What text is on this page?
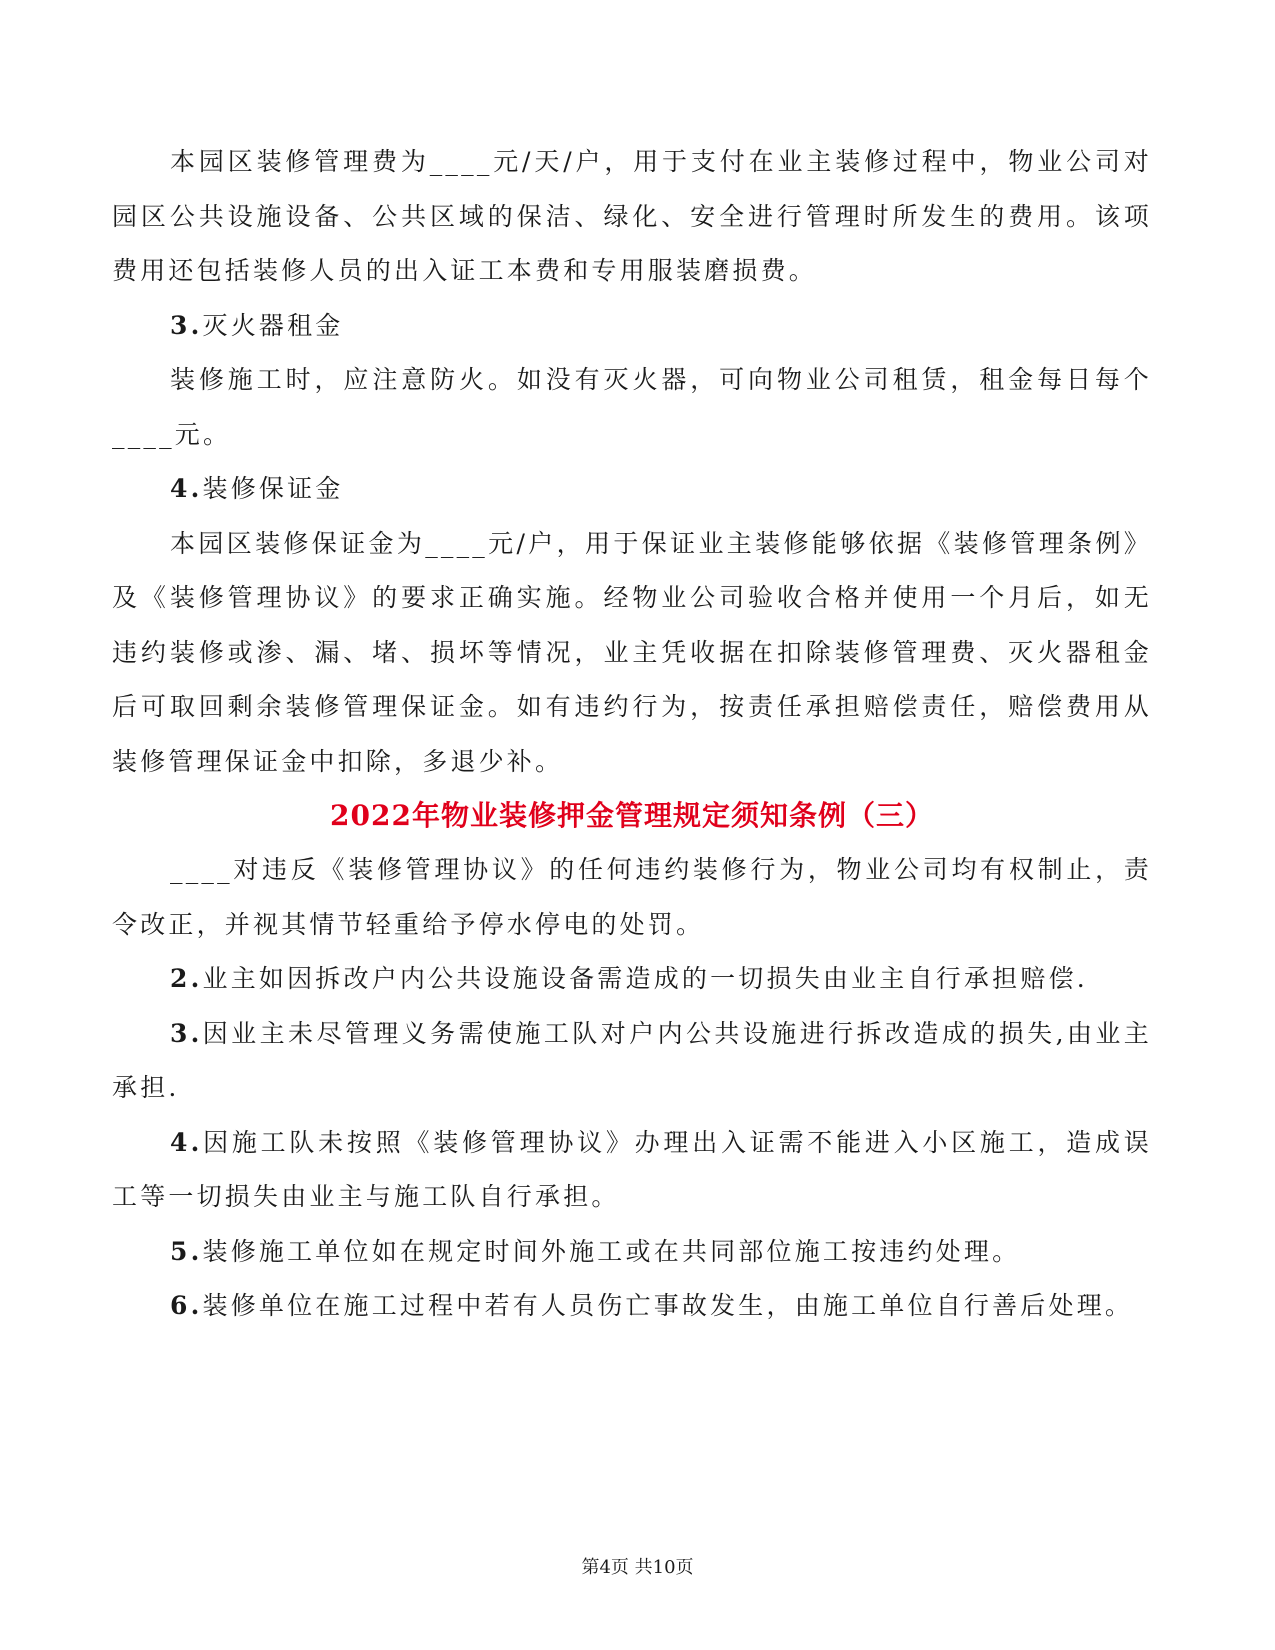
本园区装修管理费为____元/天/户，用于支付在业主装修过程中，物业公司对园区公共设施设备、公共区域的保洁、绿化、安全进行管理时所发生的费用。该项费用还包括装修人员的出入证工本费和专用服装磨损费。

3.灭火器租金

装修施工时，应注意防火。如没有灭火器，可向物业公司租赁，租金每日每个____元。

4.装修保证金

本园区装修保证金为____元/户，用于保证业主装修能够依据《装修管理条例》及《装修管理协议》的要求正确实施。经物业公司验收合格并使用一个月后，如无违约装修或渗、漏、堵、损坏等情况，业主凭收据在扣除装修管理费、灭火器租金后可取回剩余装修管理保证金。如有违约行为，按责任承担赔偿责任，赔偿费用从装修管理保证金中扣除，多退少补。

2022年物业装修押金管理规定须知条例（三）

____对违反《装修管理协议》的任何违约装修行为，物业公司均有权制止，责令改正，并视其情节轻重给予停水停电的处罚。

2.业主如因拆改户内公共设施设备需造成的一切损失由业主自行承担赔偿.

3.因业主未尽管理义务需使施工队对户内公共设施进行拆改造成的损失,由业主承担.

4.因施工队未按照《装修管理协议》办理出入证需不能进入小区施工，造成误工等一切损失由业主与施工队自行承担。

5.装修施工单位如在规定时间外施工或在共同部位施工按违约处理。

6.装修单位在施工过程中若有人员伤亡事故发生，由施工单位自行善后处理。

第4页 共10页
